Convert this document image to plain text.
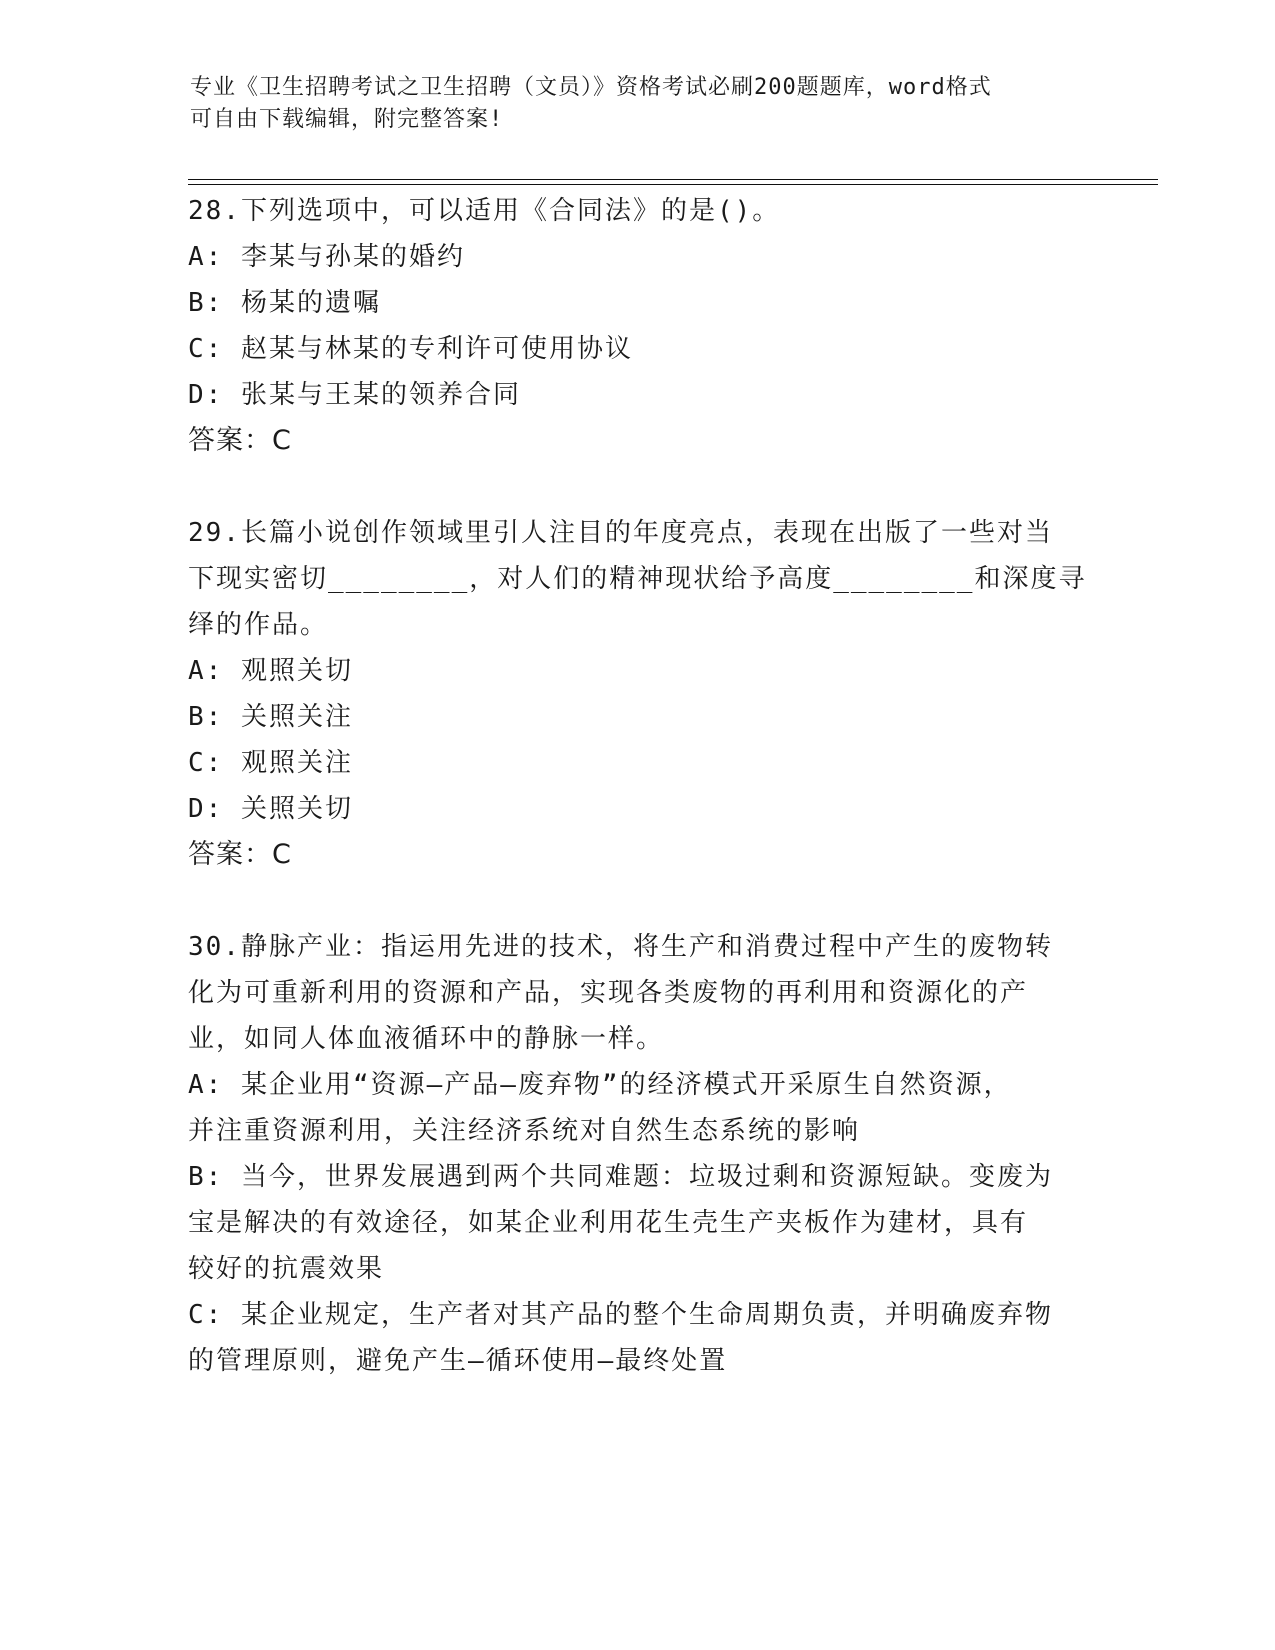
专业《卫生招聘考试之卫生招聘（文员）》资格考试必刷200题题库，word格式
可自由下载编辑，附完整答案!

28.下列选项中，可以适用《合同法》的是()。

A: 李某与孙某的婚约

B: 杨某的遗嘱

C: 赵某与林某的专利许可使用协议

D: 张某与王某的领养合同

答案：C

29.长篇小说创作领域里引人注目的年度亮点，表现在出版了一些对当

下现实密切________，对人们的精神现状给予高度________和深度寻

绎的作品。

A: 观照关切

B: 关照关注

C: 观照关注

D: 关照关切

答案：C

30.静脉产业：指运用先进的技术，将生产和消费过程中产生的废物转

化为可重新利用的资源和产品，实现各类废物的再利用和资源化的产

业，如同人体血液循环中的静脉一样。

A: 某企业用“资源—产品—废弃物”的经济模式开采原生自然资源，

并注重资源利用，关注经济系统对自然生态系统的影响

B: 当今，世界发展遇到两个共同难题：垃圾过剩和资源短缺。变废为

宝是解决的有效途径，如某企业利用花生壳生产夹板作为建材，具有

较好的抗震效果

C: 某企业规定，生产者对其产品的整个生命周期负责，并明确废弃物

的管理原则，避免产生—循环使用—最终处置
